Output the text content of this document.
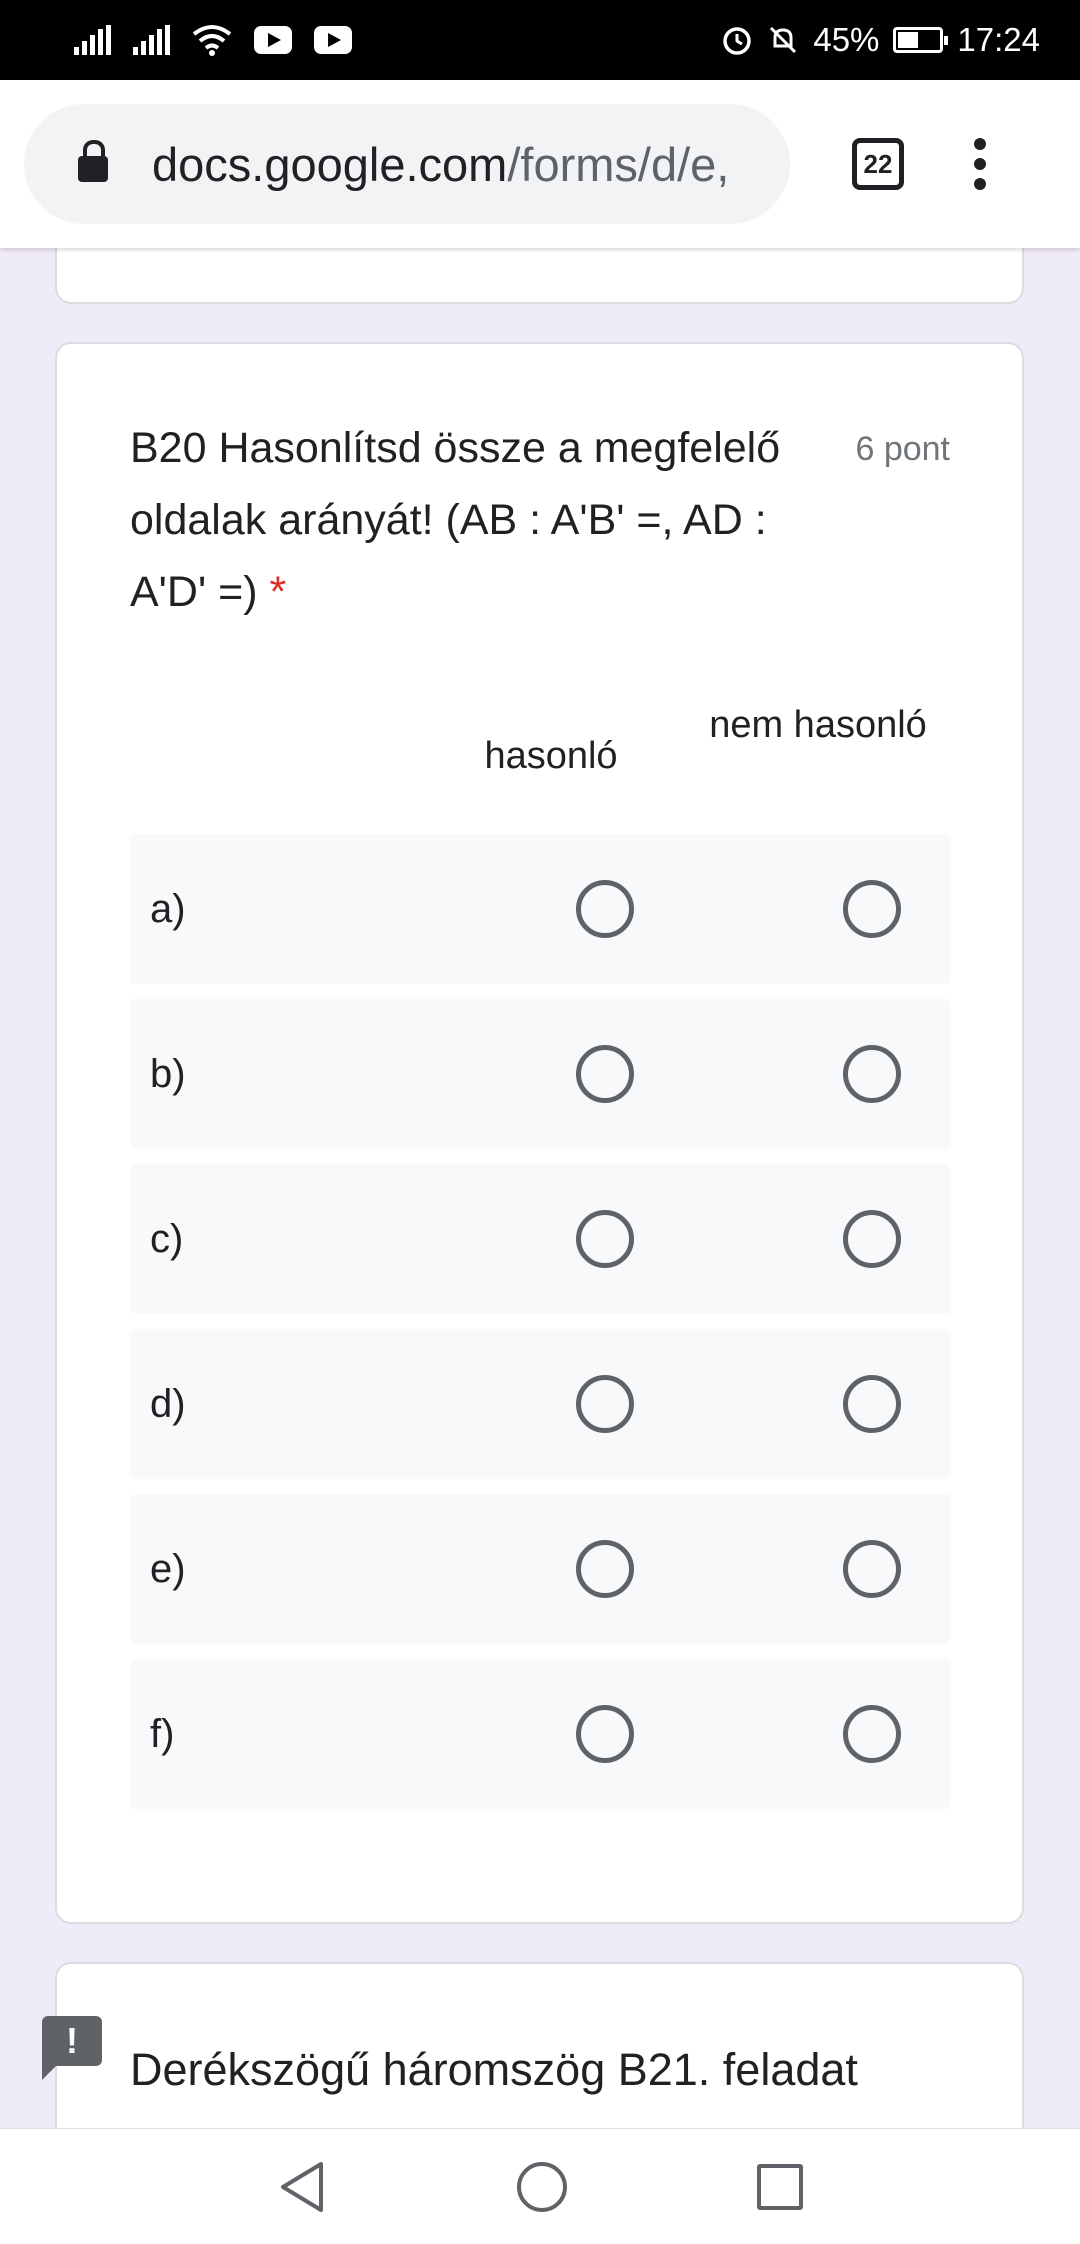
45% 17:24
docs.google.com/forms/d/e,	22
B20 Hasonlítsd össze a megfelelő oldalak arányát! (AB : A'B' =, AD : A'D' =) *
6 pont
hasonló
nem hasonló
a)
b)
c)
d)
e)
f)
Derékszögű háromszög B21. feladat
!
